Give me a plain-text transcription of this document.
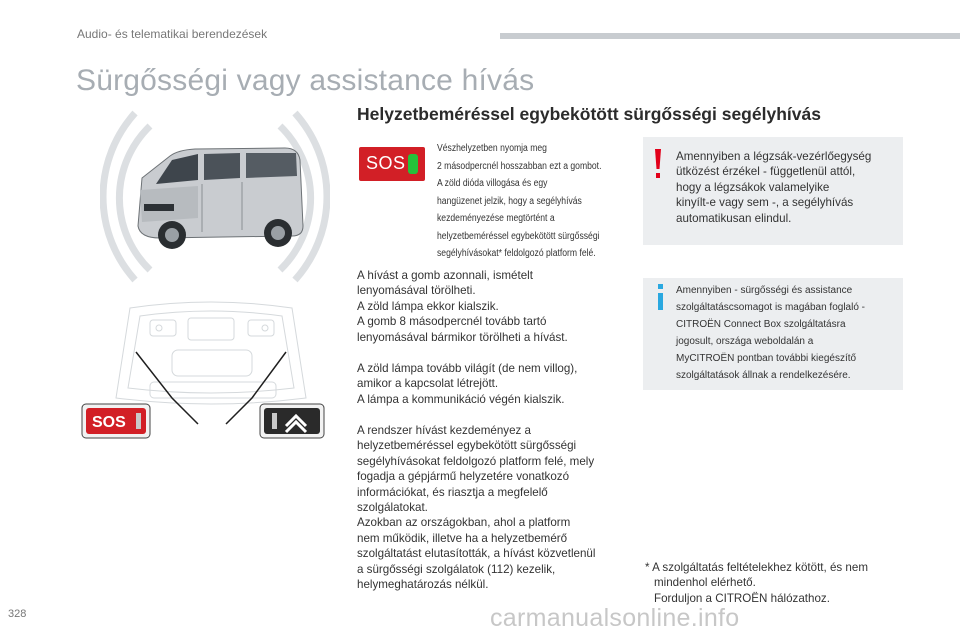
Audio- és telematikai berendezések
Sürgősségi vagy assistance hívás
Helyzetbeméréssel egybekötött sürgősségi segélyhívás
SOS
Vészhelyzetben nyomja meg
2 másodpercnél hosszabban ezt a gombot.
A zöld dióda villogása és egy
hangüzenet jelzik, hogy a segélyhívás
kezdeményezése megtörtént a
helyzetbeméréssel egybekötött sürgősségi
segélyhívásokat* feldolgozó platform felé.
Amennyiben a légzsák-vezérlőegység
ütközést érzékel - függetlenül attól,
hogy a légzsákok valamelyike
kinyílt-e vagy sem -, a segélyhívás
automatikusan elindul.
Amennyiben - sürgősségi és assistance
szolgáltatáscsomagot is magában foglaló -
CITROËN Connect Box szolgáltatásra
jogosult, országa weboldalán a
MyCITROËN pontban további kiegészítő
szolgáltatások állnak a rendelkezésére.
A hívást a gomb azonnali, ismételt
lenyomásával törölheti.
A zöld lámpa ekkor kialszik.
A gomb 8 másodpercnél tovább tartó
lenyomásával bármikor törölheti a hívást.
A zöld lámpa tovább világít (de nem villog),
amikor a kapcsolat létrejött.
A lámpa a kommunikáció végén kialszik.
A rendszer hívást kezdeményez a
helyzetbeméréssel egybekötött sürgősségi
segélyhívásokat feldolgozó platform felé, mely
fogadja a gépjármű helyzetére vonatkozó
információkat, és riasztja a megfelelő
szolgálatokat.
Azokban az országokban, ahol a platform
nem működik, illetve ha a helyzetbemérő
szolgáltatást elutasították, a hívást közvetlenül
a sürgősségi szolgálatok (112) kezelik,
helymeghatározás nélkül.
SOS
* A szolgáltatás feltételekhez kötött, és nem
mindenhol elérhető.
Forduljon a CITROËN hálózathoz.
328	carmanualsonline.info
